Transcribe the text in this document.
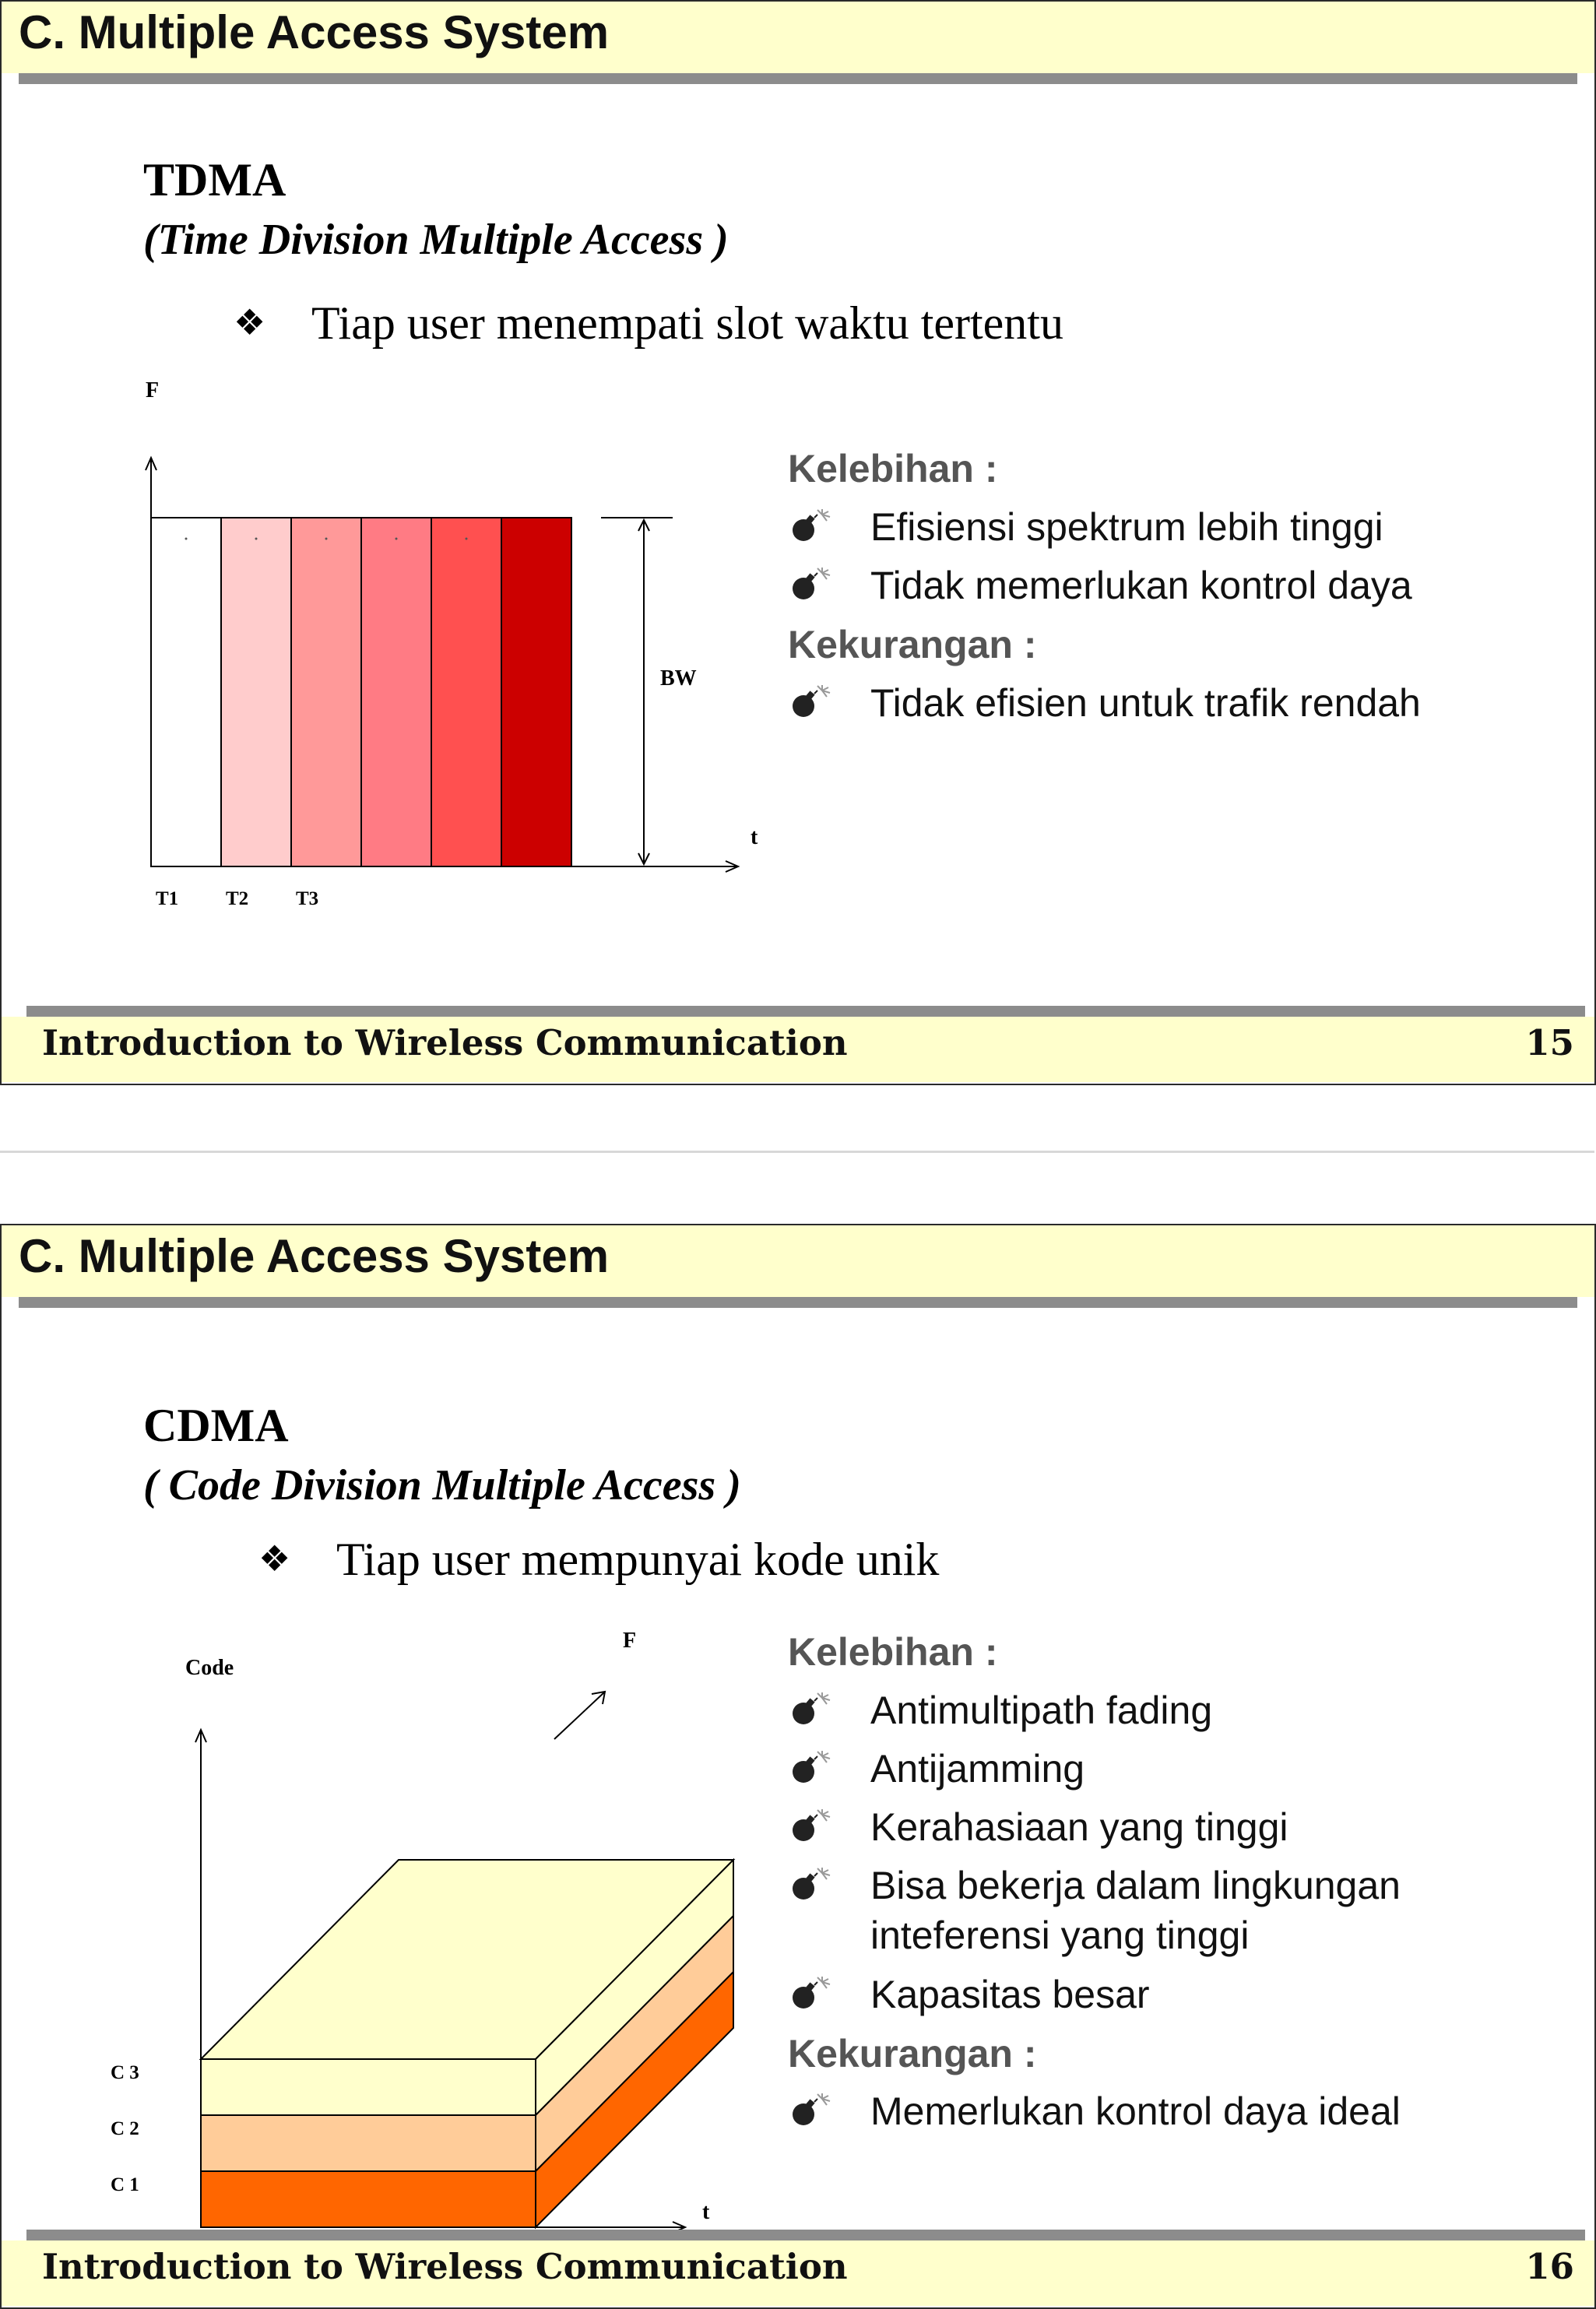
C. Multiple Access System
TDMA
(Time Division Multiple Access )
❖ Tiap user menempati slot waktu tertentu
F
t
BW
T1 T2 T3
Kelebihan :
Efisiensi spektrum lebih tinggi
Tidak memerlukan kontrol daya
Kekurangan :
Tidak efisien untuk trafik rendah
Introduction to Wireless Communication	15
C. Multiple Access System
CDMA
( Code Division Multiple Access )
❖ Tiap user mempunyai kode unik
Code
F
t
C 3
C 2
C 1
Kelebihan :
Antimultipath fading
Antijamming
Kerahasiaan yang tinggi
Bisa bekerja dalam lingkungan
inteferensi yang tinggi
Kapasitas besar
Kekurangan :
Memerlukan kontrol daya ideal
Introduction to Wireless Communication	16
